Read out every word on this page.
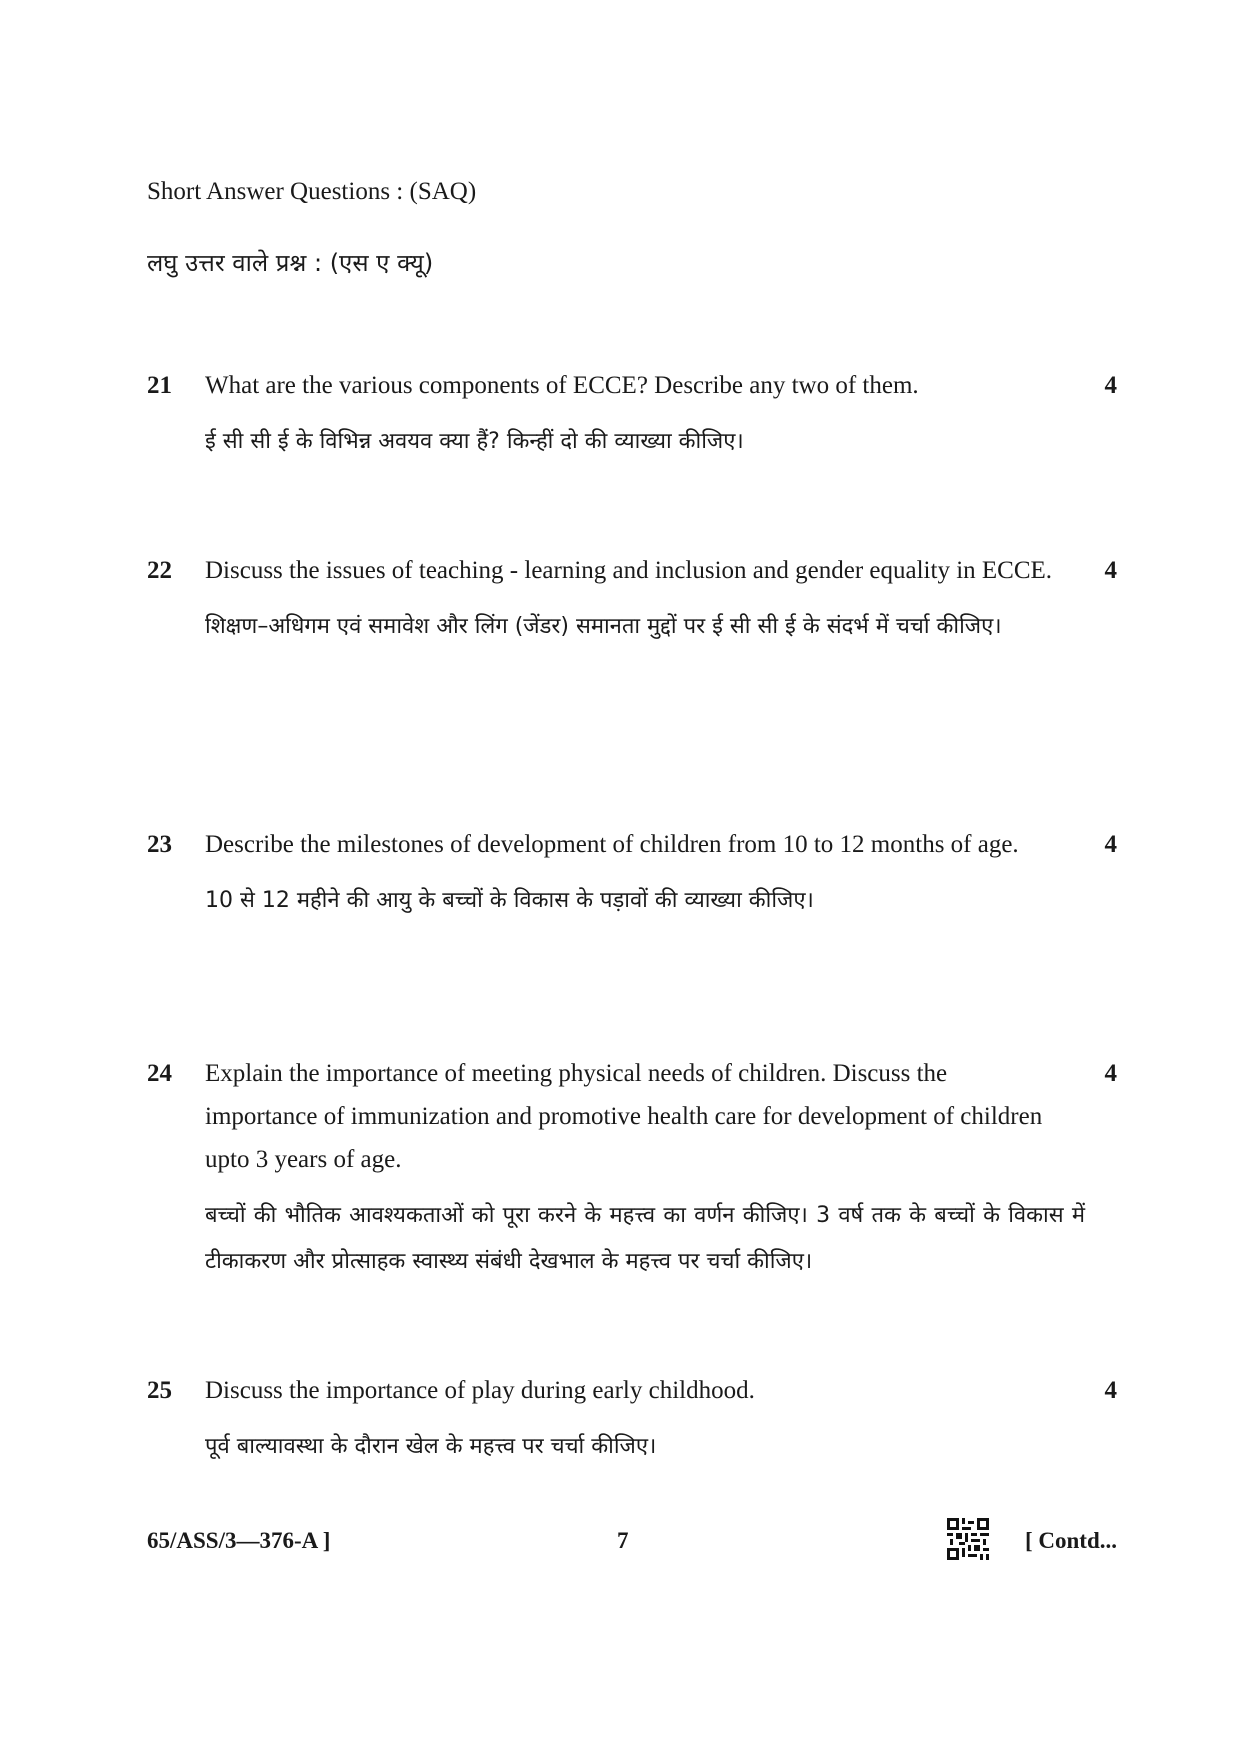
Short Answer Questions : (SAQ)
लघु उत्तर वाले प्रश्न : (एस ए क्यू)
21	4
What are the various components of ECCE? Describe any two of them.
ई सी सी ई के विभिन्न अवयव क्या हैं? किन्हीं दो की व्याख्या कीजिए।
22	4
Discuss the issues of teaching - learning and inclusion and gender equality in ECCE.
शिक्षण–अधिगम एवं समावेश और लिंग (जेंडर) समानता मुद्दों पर ई सी सी ई के संदर्भ में चर्चा कीजिए।
23	4
Describe the milestones of development of children from 10 to 12 months of age.
10 से 12 महीने की आयु के बच्चों के विकास के पड़ावों की व्याख्या कीजिए।
24	4
Explain the importance of meeting physical needs of children. Discuss the importance of immunization and promotive health care for development of children upto 3 years of age.
बच्चों की भौतिक आवश्यकताओं को पूरा करने के महत्त्व का वर्णन कीजिए। 3 वर्ष तक के बच्चों के विकास में टीकाकरण और प्रोत्साहक स्वास्थ्य संबंधी देखभाल के महत्त्व पर चर्चा कीजिए।
25	4
Discuss the importance of play during early childhood.
पूर्व बाल्यावस्था के दौरान खेल के महत्त्व पर चर्चा कीजिए।
65/ASS/3—376-A ]	7	[ Contd...
